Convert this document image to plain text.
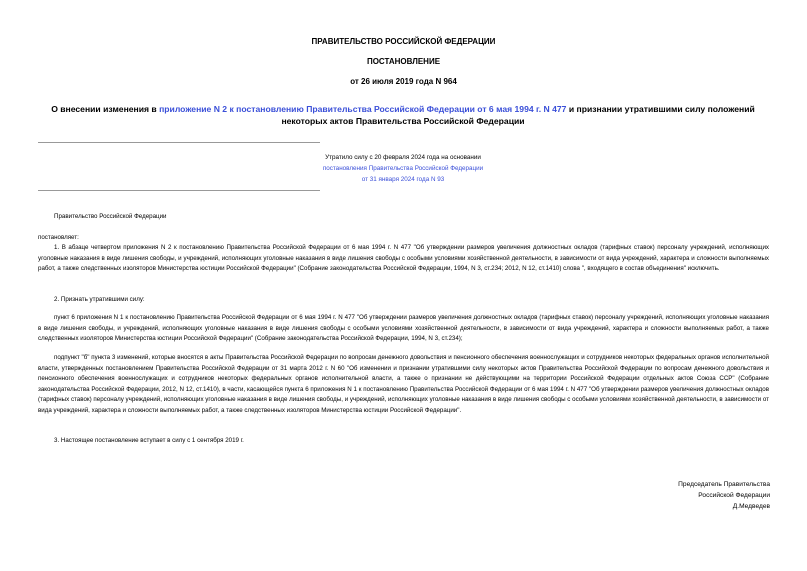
ПРАВИТЕЛЬСТВО РОССИЙСКОЙ ФЕДЕРАЦИИ
ПОСТАНОВЛЕНИЕ
от 26 июля 2019 года N 964
О внесении изменения в приложение N 2 к постановлению Правительства Российской Федерации от 6 мая 1994 г. N 477 и признании утратившими силу положений некоторых актов Правительства Российской Федерации
Утратило силу с 20 февраля 2024 года на основании
постановления Правительства Российской Федерации
от 31 января 2024 года N 93
Правительство Российской Федерации
постановляет:
1. В абзаце четвертом приложения N 2 к постановлению Правительства Российской Федерации от 6 мая 1994 г. N 477 "Об утверждении размеров увеличения должностных окладов (тарифных ставок) персоналу учреждений, исполняющих уголовные наказания в виде лишения свободы, и учреждений, исполняющих уголовные наказания в виде лишения свободы с особыми условиями хозяйственной деятельности, в зависимости от вида учреждений, характера и сложности выполняемых работ, а также следственных изоляторов Министерства юстиции Российской Федерации" (Собрание законодательства Российской Федерации, 1994, N 3, ст.234; 2012, N 12, ст.1410) слова ", входящего в состав объединения" исключить.
2. Признать утратившими силу:
пункт 6 приложения N 1 к постановлению Правительства Российской Федерации от 6 мая 1994 г. N 477 "Об утверждении размеров увеличения должностных окладов (тарифных ставок) персоналу учреждений, исполняющих уголовные наказания в виде лишения свободы, и учреждений, исполняющих уголовные наказания в виде лишения свободы с особыми условиями хозяйственной деятельности, в зависимости от вида учреждений, характера и сложности выполняемых работ, а также следственных изоляторов Министерства юстиции Российской Федерации" (Собрание законодательства Российской Федерации, 1994, N 3, ст.234);
подпункт "б" пункта 3 изменений, которые вносятся в акты Правительства Российской Федерации по вопросам денежного довольствия и пенсионного обеспечения военнослужащих и сотрудников некоторых федеральных органов исполнительной власти, утвержденных постановлением Правительства Российской Федерации от 31 марта 2012 г. N 60 "Об изменении и признании утратившими силу некоторых актов Правительства Российской Федерации по вопросам денежного довольствия и пенсионного обеспечения военнослужащих и сотрудников некоторых федеральных органов исполнительной власти, а также о признании не действующими на территории Российской Федерации отдельных актов Союза ССР" (Собрание законодательства Российской Федерации, 2012, N 12, ст.1410), в части, касающейся пункта 6 приложения N 1 к постановлению Правительства Российской Федерации от 6 мая 1994 г. N 477 "Об утверждении размеров увеличения должностных окладов (тарифных ставок) персоналу учреждений, исполняющих уголовные наказания в виде лишения свободы, и учреждений, исполняющих уголовные наказания в виде лишения свободы с особыми условиями хозяйственной деятельности, в зависимости от вида учреждений, характера и сложности выполняемых работ, а также следственных изоляторов Министерства юстиции Российской Федерации".
3. Настоящее постановление вступает в силу с 1 сентября 2019 г.
Председатель Правительства
Российской Федерации
Д.Медведев
